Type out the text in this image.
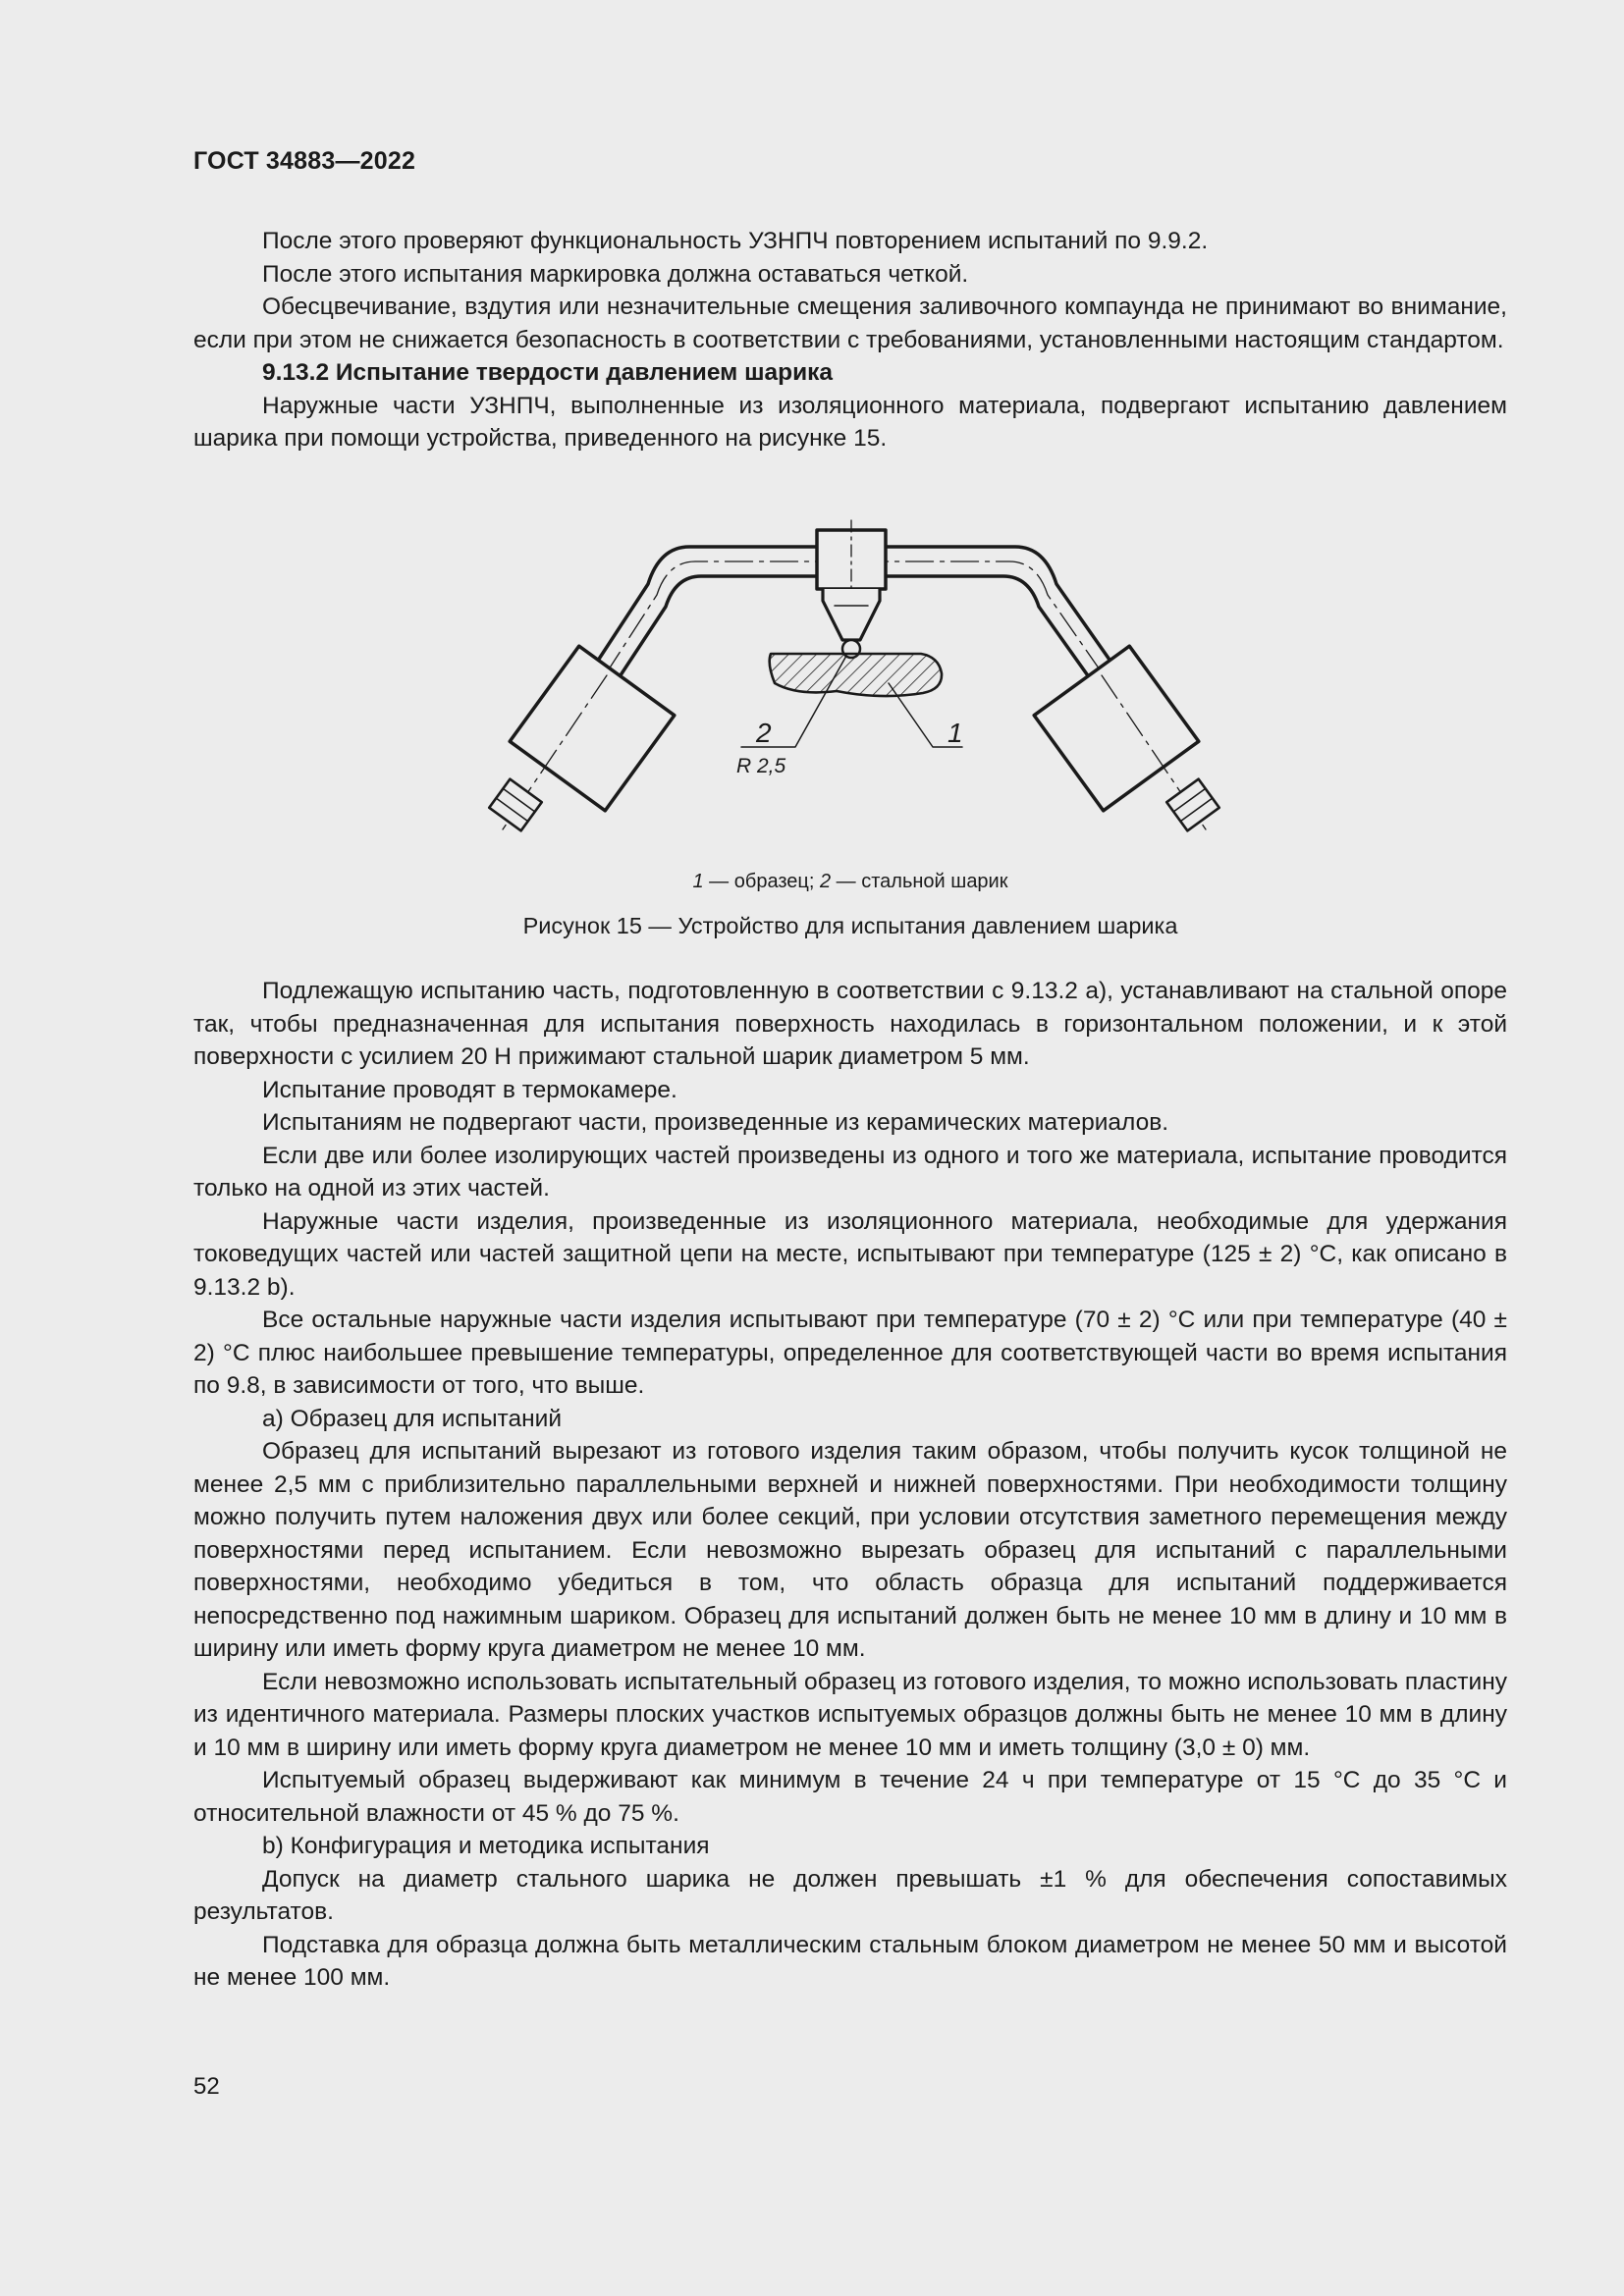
ГОСТ 34883—2022

После этого проверяют функциональность УЗНПЧ повторением испытаний по 9.9.2.

После этого испытания маркировка должна оставаться четкой.

Обесцвечивание, вздутия или незначительные смещения заливочного компаунда не принимают во внимание, если при этом не снижается безопасность в соответствии с требованиями, установленными настоящим стандартом.

9.13.2 Испытание твердости давлением шарика

Наружные части УЗНПЧ, выполненные из изоляционного материала, подвергают испытанию давлением шарика при помощи устройства, приведенного на рисунке 15.

2
R 2,5
1
1 — образец; 2 — стальной шарик
Рисунок 15 — Устройство для испытания давлением шарика

Подлежащую испытанию часть, подготовленную в соответствии с 9.13.2 a), устанавливают на стальной опоре так, чтобы предназначенная для испытания поверхность находилась в горизонтальном положении, и к этой поверхности с усилием 20 Н прижимают стальной шарик диаметром 5 мм.

Испытание проводят в термокамере.

Испытаниям не подвергают части, произведенные из керамических материалов.

Если две или более изолирующих частей произведены из одного и того же материала, испытание проводится только на одной из этих частей.

Наружные части изделия, произведенные из изоляционного материала, необходимые для удержания токоведущих частей или частей защитной цепи на месте, испытывают при температуре (125 ± 2) °С, как описано в 9.13.2 b).

Все остальные наружные части изделия испытывают при температуре (70 ± 2) °С или при температуре (40 ± 2) °С плюс наибольшее превышение температуры, определенное для соответствующей части во время испытания по 9.8, в зависимости от того, что выше.

a) Образец для испытаний

Образец для испытаний вырезают из готового изделия таким образом, чтобы получить кусок толщиной не менее 2,5 мм с приблизительно параллельными верхней и нижней поверхностями. При необходимости толщину можно получить путем наложения двух или более секций, при условии отсутствия заметного перемещения между поверхностями перед испытанием. Если невозможно вырезать образец для испытаний с параллельными поверхностями, необходимо убедиться в том, что область образца для испытаний поддерживается непосредственно под нажимным шариком. Образец для испытаний должен быть не менее 10 мм в длину и 10 мм в ширину или иметь форму круга диаметром не менее 10 мм.

Если невозможно использовать испытательный образец из готового изделия, то можно использовать пластину из идентичного материала. Размеры плоских участков испытуемых образцов должны быть не менее 10 мм в длину и 10 мм в ширину или иметь форму круга диаметром не менее 10 мм и иметь толщину (3,0 ± 0) мм.

Испытуемый образец выдерживают как минимум в течение 24 ч при температуре от 15 °С до 35 °С и относительной влажности от 45 % до 75 %.

b) Конфигурация и методика испытания

Допуск на диаметр стального шарика не должен превышать ±1 % для обеспечения сопоставимых результатов.

Подставка для образца должна быть металлическим стальным блоком диаметром не менее 50 мм и высотой не менее 100 мм.

52
